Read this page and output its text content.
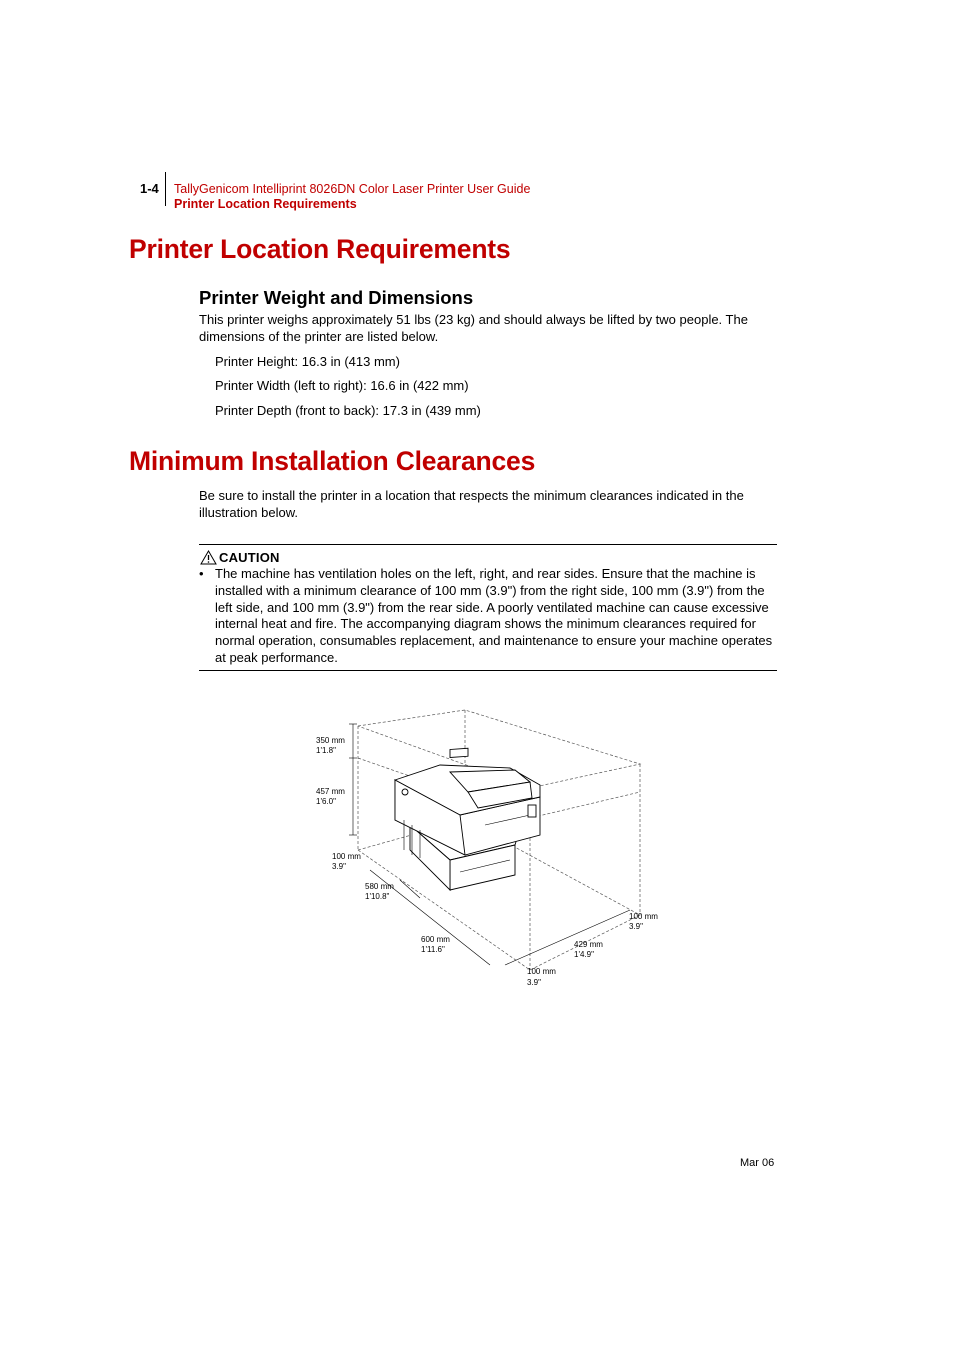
1-4 TallyGenicom Intelliprint 8026DN Color Laser Printer User Guide
Printer Location Requirements
Printer Location Requirements
Printer Weight and Dimensions

This printer weighs approximately 51 lbs (23 kg) and should always be lifted by two people. The dimensions of the printer are listed below.

Printer Height: 16.3 in (413 mm)
Printer Width (left to right): 16.6 in (422 mm)
Printer Depth (front to back): 17.3 in (439 mm)
Minimum Installation Clearances

Be sure to install the printer in a location that respects the minimum clearances indicated in the illustration below.

CAUTION
• The machine has ventilation holes on the left, right, and rear sides. Ensure that the machine is installed with a minimum clearance of 100 mm (3.9") from the right side, 100 mm (3.9") from the left side, and 100 mm (3.9") from the rear side. A poorly ventilated machine can cause excessive internal heat and fire. The accompanying diagram shows the minimum clearances required for normal operation, consumables replacement, and maintenance to ensure your machine operates at peak performance.
350 mm
1'1.8"
457 mm
1'6.0"
100 mm
3.9"
580 mm
1'10.8"
600 mm
1'11.6"
429 mm
1'4.9"
100 mm
3.9"
100 mm
3.9"
Mar 06
